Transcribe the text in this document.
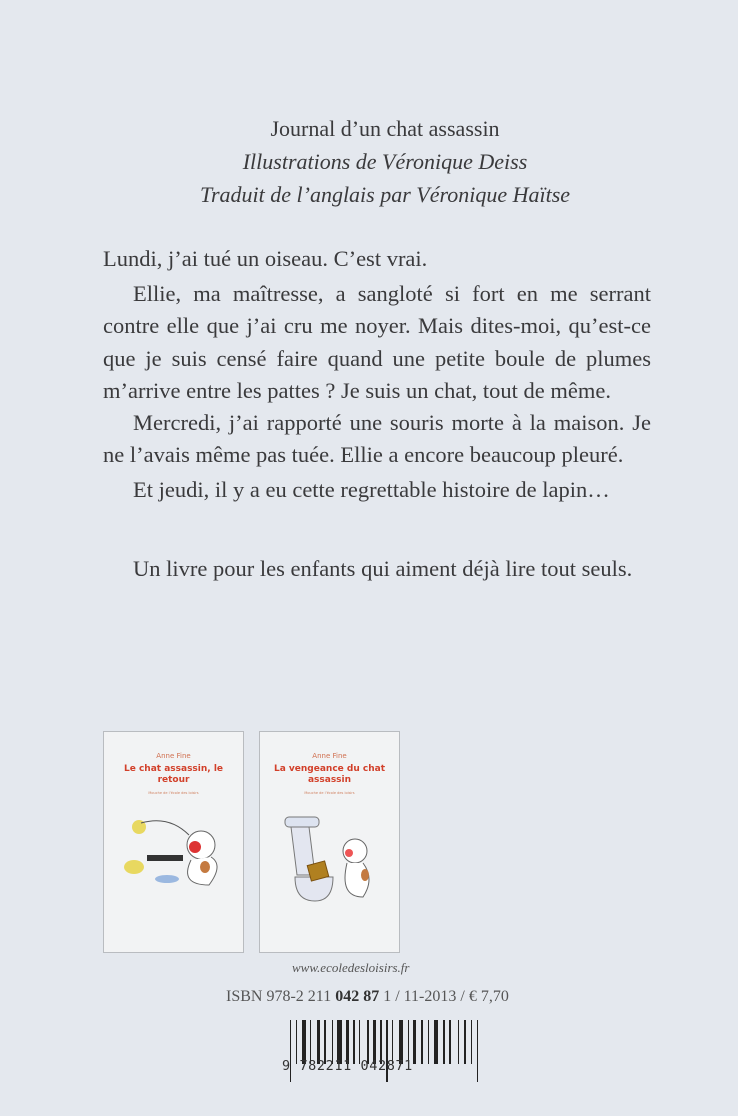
Journal d’un chat assassin
Illustrations de Véronique Deiss
Traduit de l’anglais par Véronique Haïtse

Lundi, j’ai tué un oiseau. C’est vrai.

Ellie, ma maîtresse, a sangloté si fort en me serrant contre elle que j’ai cru me noyer. Mais dites-moi, qu’est-ce que je suis censé faire quand une petite boule de plumes m’arrive entre les pattes ? Je suis un chat, tout de même.

Mercredi, j’ai rapporté une souris morte à la maison. Je ne l’avais même pas tuée. Ellie a encore beaucoup pleuré.

Et jeudi, il y a eu cette regrettable histoire de lapin…

Un livre pour les enfants qui aiment déjà lire tout seuls.

Anne Fine
Le chat assassin, le retour
Mouche de l’école des loisirs
Anne Fine
La vengeance du chat assassin
Mouche de l’école des loisirs
www.ecoledesloisirs.fr
ISBN 978-2 211 042 87 1 / 11-2013 / € 7,70
9 782211 042871
